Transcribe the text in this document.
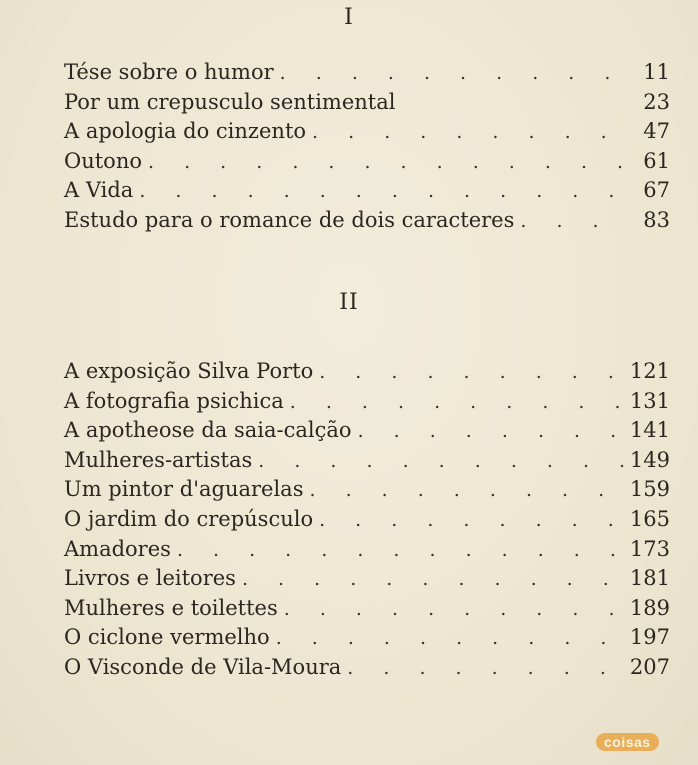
I
Tése sobre o humor . . .	11
Por um crepusculo sentimental	23
A apologia do cinzento . . .	47
Outono . . .	61
A Vida . . .	67
Estudo para o romance de dois caracteres . . .	83
II
A exposição Silva Porto . . .	121
A fotografia psichica . . .	131
A apotheose da saia-calção . . .	141
Mulheres-artistas . . .	149
Um pintor d'aguarelas . . .	159
O jardim do crepúsculo . . .	165
Amadores . . .	173
Livros e leitores . . .	181
Mulheres e toilettes . . .	189
O ciclone vermelho . . .	197
O Visconde de Vila-Moura . . .	207
coisas
